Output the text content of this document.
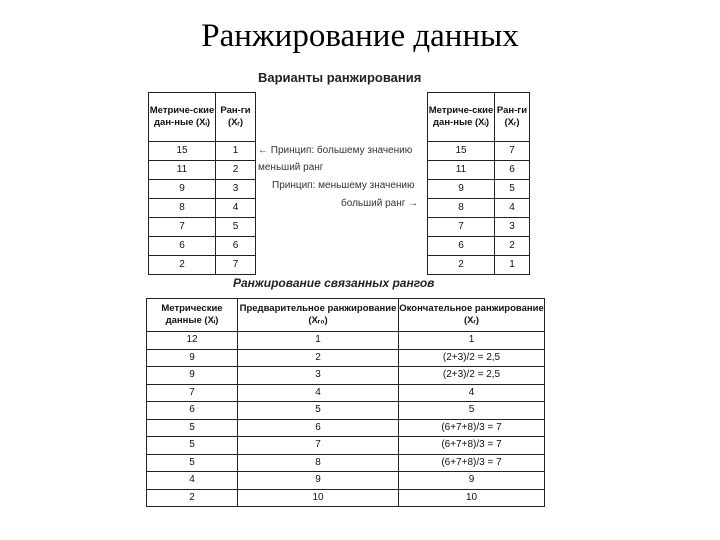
Ранжирование данных
Варианты ранжирования
Метриче-ские дан-ные (Xᵢ)	Ран-ги (Xᵣ)
15	1
11	2
9	3
8	4
7	5
6	6
2	7
Метриче-ские дан-ные (Xᵢ)	Ран-ги (Xᵣ)
15	7
11	6
9	5
8	4
7	3
6	2
2	1
← Принцип: большему значению
меньший ранг
Принцип: меньшему значению
больший ранг →
Ранжирование связанных рангов
Метрические данные (Xᵢ)	Предварительное ранжирование (Xᵣ₀)	Окончательное ранжирование (Xᵣ)
12	1	1
9	2	(2+3)/2 = 2,5
9	3	(2+3)/2 = 2,5
7	4	4
6	5	5
5	6	(6+7+8)/3 = 7
5	7	(6+7+8)/3 = 7
5	8	(6+7+8)/3 = 7
4	9	9
2	10	10
